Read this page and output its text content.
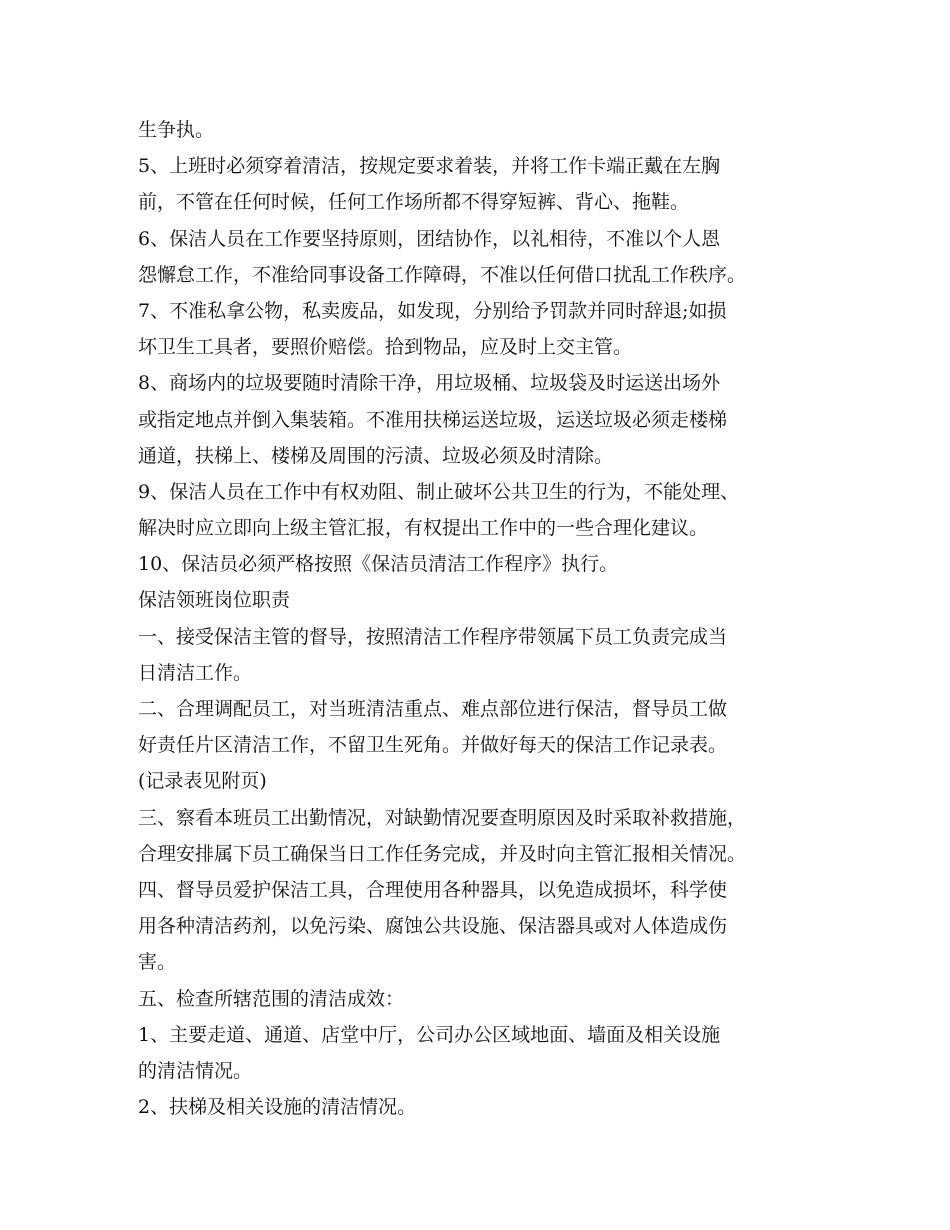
生争执。
5、上班时必须穿着清洁，按规定要求着装，并将工作卡端正戴在左胸
前，不管在任何时候，任何工作场所都不得穿短裤、背心、拖鞋。
6、保洁人员在工作要坚持原则，团结协作，以礼相待，不准以个人恩
怨懈怠工作，不准给同事设备工作障碍，不准以任何借口扰乱工作秩序。
7、不准私拿公物，私卖废品，如发现，分别给予罚款并同时辞退;如损
坏卫生工具者，要照价赔偿。拾到物品，应及时上交主管。
8、商场内的垃圾要随时清除干净，用垃圾桶、垃圾袋及时运送出场外
或指定地点并倒入集装箱。不准用扶梯运送垃圾，运送垃圾必须走楼梯
通道，扶梯上、楼梯及周围的污渍、垃圾必须及时清除。
9、保洁人员在工作中有权劝阻、制止破坏公共卫生的行为，不能处理、
解决时应立即向上级主管汇报，有权提出工作中的一些合理化建议。
10、保洁员必须严格按照《保洁员清洁工作程序》执行。
保洁领班岗位职责
一、接受保洁主管的督导，按照清洁工作程序带领属下员工负责完成当
日清洁工作。
二、合理调配员工，对当班清洁重点、难点部位进行保洁，督导员工做
好责任片区清洁工作，不留卫生死角。并做好每天的保洁工作记录表。
(记录表见附页)
三、察看本班员工出勤情况，对缺勤情况要查明原因及时采取补救措施，
合理安排属下员工确保当日工作任务完成，并及时向主管汇报相关情况。
四、督导员爱护保洁工具，合理使用各种器具，以免造成损坏，科学使
用各种清洁药剂，以免污染、腐蚀公共设施、保洁器具或对人体造成伤
害。
五、检查所辖范围的清洁成效：
1、主要走道、通道、店堂中厅，公司办公区域地面、墙面及相关设施
的清洁情况。
2、扶梯及相关设施的清洁情况。
